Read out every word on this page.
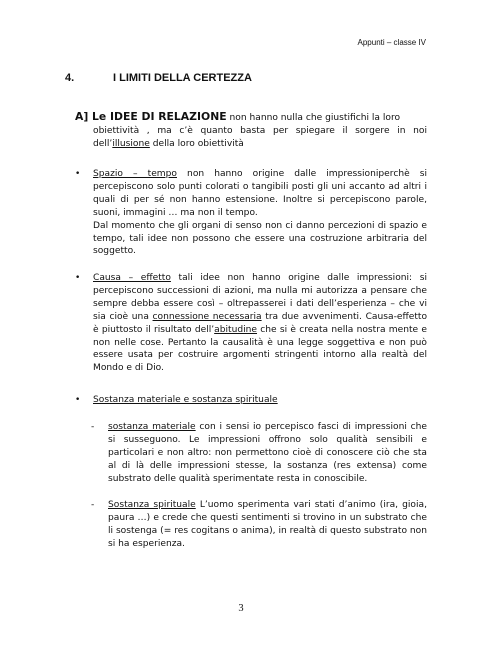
Appunti – classe IV
4.	I LIMITI DELLA CERTEZZA
A] Le IDEE DI RELAZIONE non hanno nulla che giustifichi la loro
obiettività , ma c’è quanto basta per spiegare il sorgere in noi dell’illusione della loro obiettività
• Spazio – tempo non hanno origine dalle impressioniperchè si percepiscono solo punti colorati o tangibili posti gli uni accanto ad altri i quali di per sé non hanno estensione. Inoltre si percepiscono parole, suoni, immagini … ma non il tempo.
Dal momento che gli organi di senso non ci danno percezioni di spazio e tempo, tali idee non possono che essere una costruzione arbitraria del soggetto.
• Causa – effetto tali idee non hanno origine dalle impressioni: si percepiscono successioni di azioni, ma nulla mi autorizza a pensare che sempre debba essere così – oltrepasserei i dati dell’esperienza – che vi sia cioè una connessione necessaria tra due avvenimenti. Causa-effetto è piuttosto il risultato dell’abitudine che si è creata nella nostra mente e non nelle cose. Pertanto la causalità è una legge soggettiva e non può essere usata per costruire argomenti stringenti intorno alla realtà del Mondo e di Dio.
• Sostanza materiale e sostanza spirituale
- sostanza materiale con i sensi io percepisco fasci di impressioni che si susseguono. Le impressioni offrono solo qualità sensibili e particolari e non altro: non permettono cioè di conoscere ciò che sta al di là delle impressioni stesse, la sostanza (res extensa) come substrato delle qualità sperimentate resta in conoscibile.
- Sostanza spirituale L’uomo sperimenta vari stati d’animo (ira, gioia, paura …) e crede che questi sentimenti si trovino in un substrato che li sostenga (= res cogitans o anima), in realtà di questo substrato non si ha esperienza.
3
